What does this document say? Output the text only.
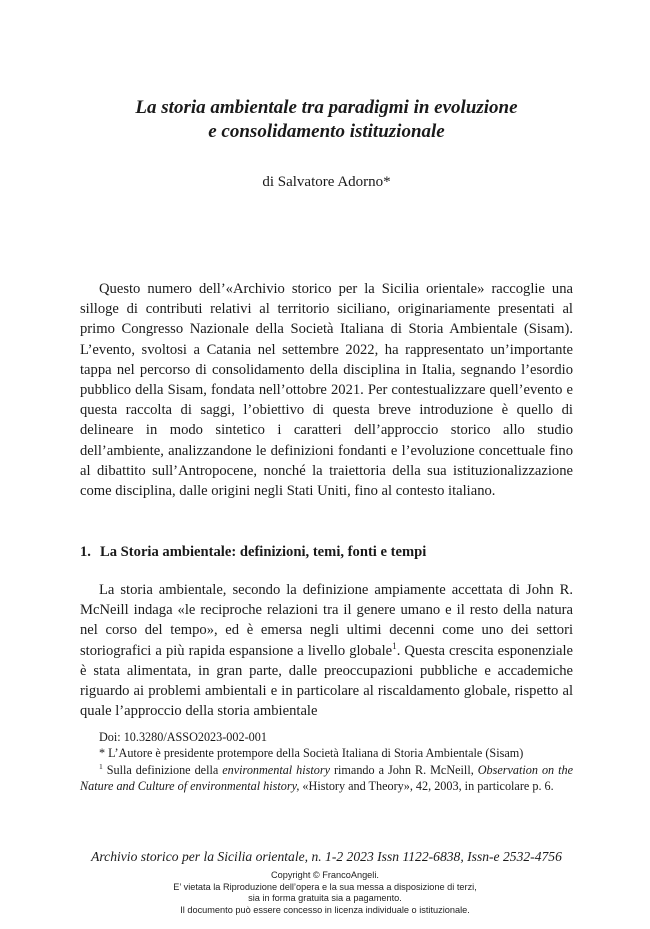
La storia ambientale tra paradigmi in evoluzione
e consolidamento istituzionale
di Salvatore Adorno*

Questo numero dell’«Archivio storico per la Sicilia orientale» raccoglie una silloge di contributi relativi al territorio siciliano, originariamente presentati al primo Congresso Nazionale della Società Italiana di Storia Ambientale (Sisam). L’evento, svoltosi a Catania nel settembre 2022, ha rappresentato un’importante tappa nel percorso di consolidamento della disciplina in Italia, segnando l’esordio pubblico della Sisam, fondata nell’ottobre 2021. Per contestualizzare quell’evento e questa raccolta di saggi, l’obiettivo di questa breve introduzione è quello di delineare in modo sintetico i caratteri dell’approccio storico allo studio dell’ambiente, analizzandone le definizioni fondanti e l’evoluzione concettuale fino al dibattito sull’Antropocene, nonché la traiettoria della sua istituzionalizzazione come disciplina, dalle origini negli Stati Uniti, fino al contesto italiano.

1. La Storia ambientale: definizioni, temi, fonti e tempi

La storia ambientale, secondo la definizione ampiamente accettata di John R. McNeill indaga «le reciproche relazioni tra il genere umano e il resto della natura nel corso del tempo», ed è emersa negli ultimi decenni come uno dei settori storiografici a più rapida espansione a livello globale$^1$. Questa crescita esponenziale è stata alimentata, in gran parte, dalle preoccupazioni pubbliche e accademiche riguardo ai problemi ambientali e in particolare al riscaldamento globale, rispetto al quale l’approccio della storia ambientale

Doi: 10.3280/ASSO2023-002-001

* L’Autore è presidente protempore della Società Italiana di Storia Ambientale (Sisam)

$^1$ Sulla definizione della environmental history rimando a John R. McNeill, Observation on the Nature and Culture of environmental history, «History and Theory», 42, 2003, in particolare p. 6.

Archivio storico per la Sicilia orientale, n. 1-2 2023 Issn 1122-6838, Issn-e 2532-4756
Copyright © FrancoAngeli.
E’ vietata la Riproduzione dell’opera e la sua messa a disposizione di terzi,
sia in forma gratuita sia a pagamento.
Il documento può essere concesso in licenza individuale o istituzionale.
